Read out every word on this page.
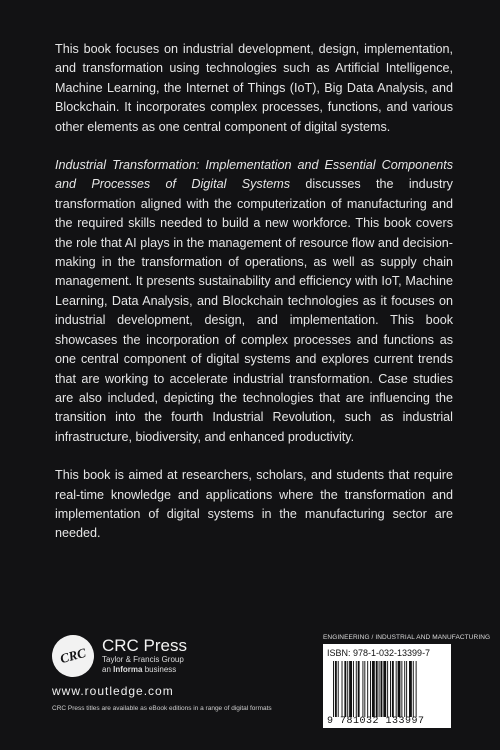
This book focuses on industrial development, design, implementation, and transformation using technologies such as Artificial Intelligence, Machine Learning, the Internet of Things (IoT), Big Data Analysis, and Blockchain. It incorporates complex processes, functions, and various other elements as one central component of digital systems.

Industrial Transformation: Implementation and Essential Components and Processes of Digital Systems discusses the industry transformation aligned with the computerization of manufacturing and the required skills needed to build a new workforce. This book covers the role that AI plays in the management of resource flow and decision-making in the transformation of operations, as well as supply chain management. It presents sustainability and efficiency with IoT, Machine Learning, Data Analysis, and Blockchain technologies as it focuses on industrial development, design, and implementation. This book showcases the incorporation of complex processes and functions as one central component of digital systems and explores current trends that are working to accelerate industrial transformation. Case studies are also included, depicting the technologies that are influencing the transition into the fourth Industrial Revolution, such as industrial infrastructure, biodiversity, and enhanced productivity.

This book is aimed at researchers, scholars, and students that require real-time knowledge and applications where the transformation and implementation of digital systems in the manufacturing sector are needed.

CRC CRC Press
Taylor & Francis Group
an Informa business
www.routledge.com
CRC Press titles are available as eBook editions in a range of digital formats
ENGINEERING / INDUSTRIAL AND MANUFACTURING
ISBN: 978-1-032-13399-7
9 781032 133997
